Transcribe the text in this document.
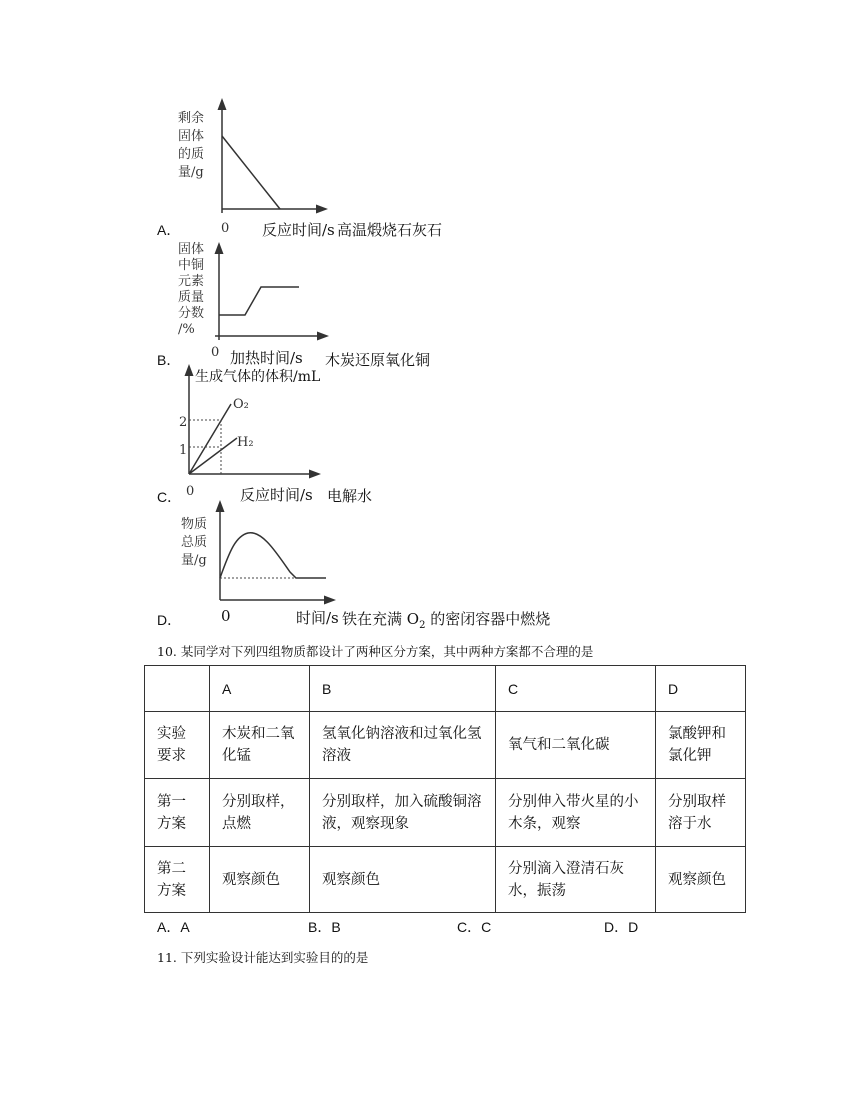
剩余
固体
的质
量/g
0
A．	反应时间/s 高温煅烧石灰石
固体
中铜
元素
质量
分数
/%
0
B．	加热时间/s 木炭还原氧化铜
2
1
O₂
H₂
0
生成气体的体积/mL
C．	反应时间/s 电解水
物质
总质
量/g
D．	0	时间/s 铁在充满 $O_2$ 的密闭容器中燃烧
10. 某同学对下列四组物质都设计了两种区分方案，其中两种方案都不合理的是
	A	B	C	D
实验要求	木炭和二氧化锰	氢氧化钠溶液和过氧化氢溶液	氧气和二氧化碳	氯酸钾和氯化钾
第一方案	分别取样，点燃	分别取样，加入硫酸铜溶液，观察现象	分别伸入带火星的小木条，观察	分别取样溶于水
第二方案	观察颜色	观察颜色	分别滴入澄清石灰水，振荡	观察颜色
A．A	B．B	C．C	D．D
11. 下列实验设计能达到实验目的的是
